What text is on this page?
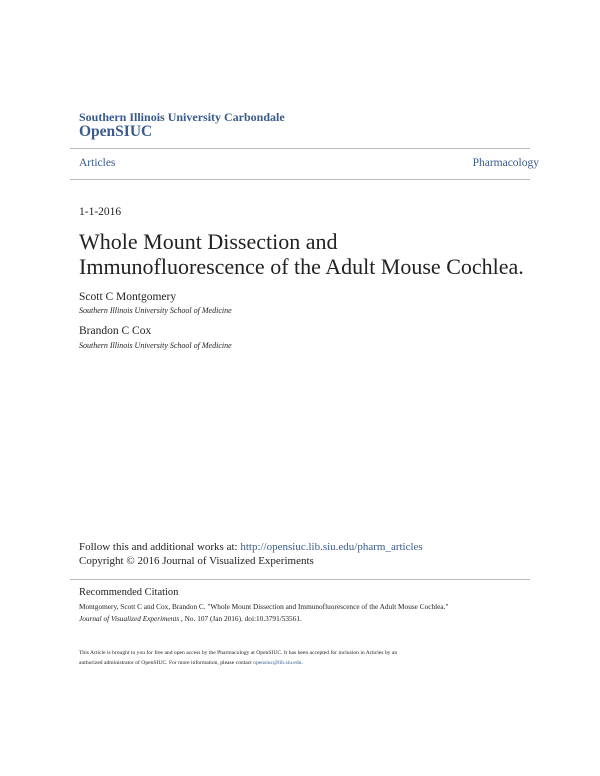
Southern Illinois University Carbondale
OpenSIUC
Articles	Pharmacology
1-1-2016
Whole Mount Dissection and
Immunofluorescence of the Adult Mouse Cochlea.
Scott C Montgomery
Southern Illinois University School of Medicine
Brandon C Cox
Southern Illinois University School of Medicine
Follow this and additional works at: http://opensiuc.lib.siu.edu/pharm_articles
Copyright © 2016 Journal of Visualized Experiments
Recommended Citation
Montgomery, Scott C and Cox, Brandon C. "Whole Mount Dissection and Immunofluorescence of the Adult Mouse Cochlea."
Journal of Visualized Experiments , No. 107 (Jan 2016). doi:10.3791/53561.
This Article is brought to you for free and open access by the Pharmacology at OpenSIUC. It has been accepted for inclusion in Articles by an
authorized administrator of OpenSIUC. For more information, please contact opensiuc@lib.siu.edu.
